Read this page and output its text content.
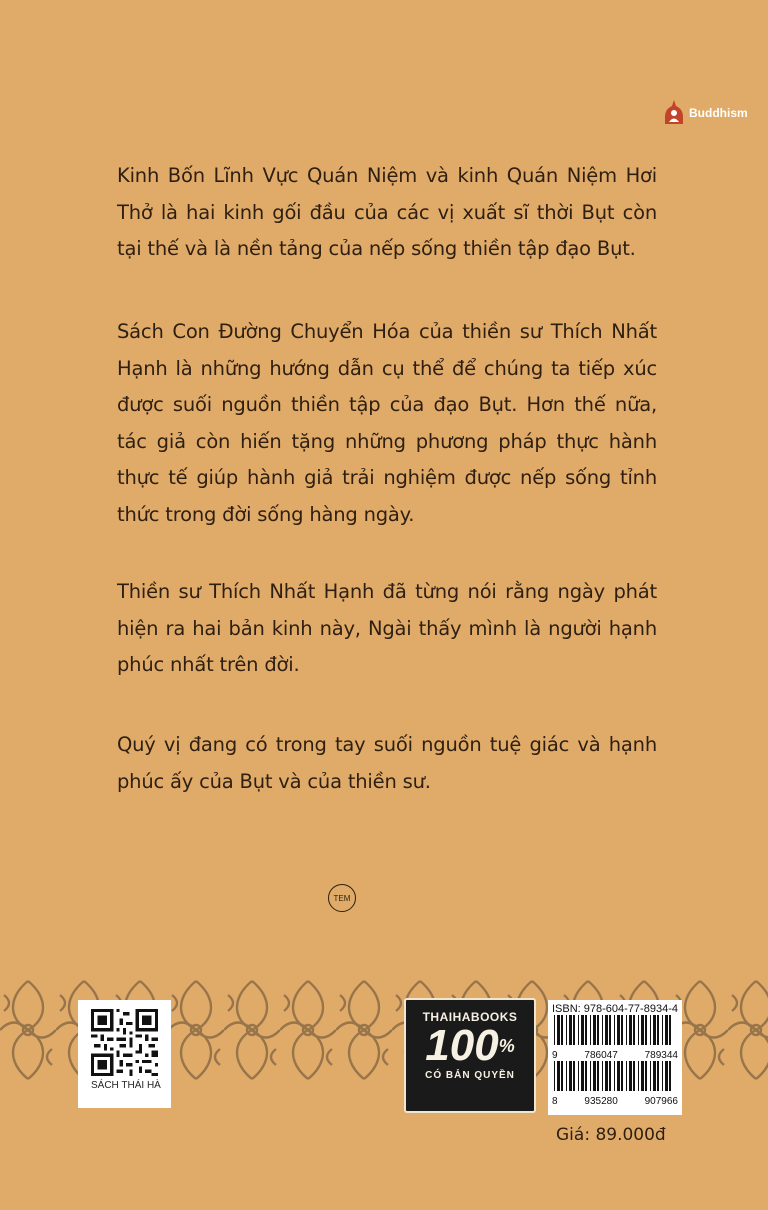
Buddhism

Kinh Bốn Lĩnh Vực Quán Niệm và kinh Quán Niệm Hơi Thở là hai kinh gối đầu của các vị xuất sĩ thời Bụt còn tại thế và là nền tảng của nếp sống thiền tập đạo Bụt.

Sách Con Đường Chuyển Hóa của thiền sư Thích Nhất Hạnh là những hướng dẫn cụ thể để chúng ta tiếp xúc được suối nguồn thiền tập của đạo Bụt. Hơn thế nữa, tác giả còn hiến tặng những phương pháp thực hành thực tế giúp hành giả trải nghiệm được nếp sống tỉnh thức trong đời sống hàng ngày.

Thiền sư Thích Nhất Hạnh đã từng nói rằng ngày phát hiện ra hai bản kinh này, Ngài thấy mình là người hạnh phúc nhất trên đời.

Quý vị đang có trong tay suối nguồn tuệ giác và hạnh phúc ấy của Bụt và của thiền sư.

TEM
SÁCH THÁI HÀ
THAIHABOOKS
100%
CÓ BẢN QUYỀN
ISBN: 978-604-77-8934-4
9	786047	789344
8	935280	907966
Giá: 89.000đ
